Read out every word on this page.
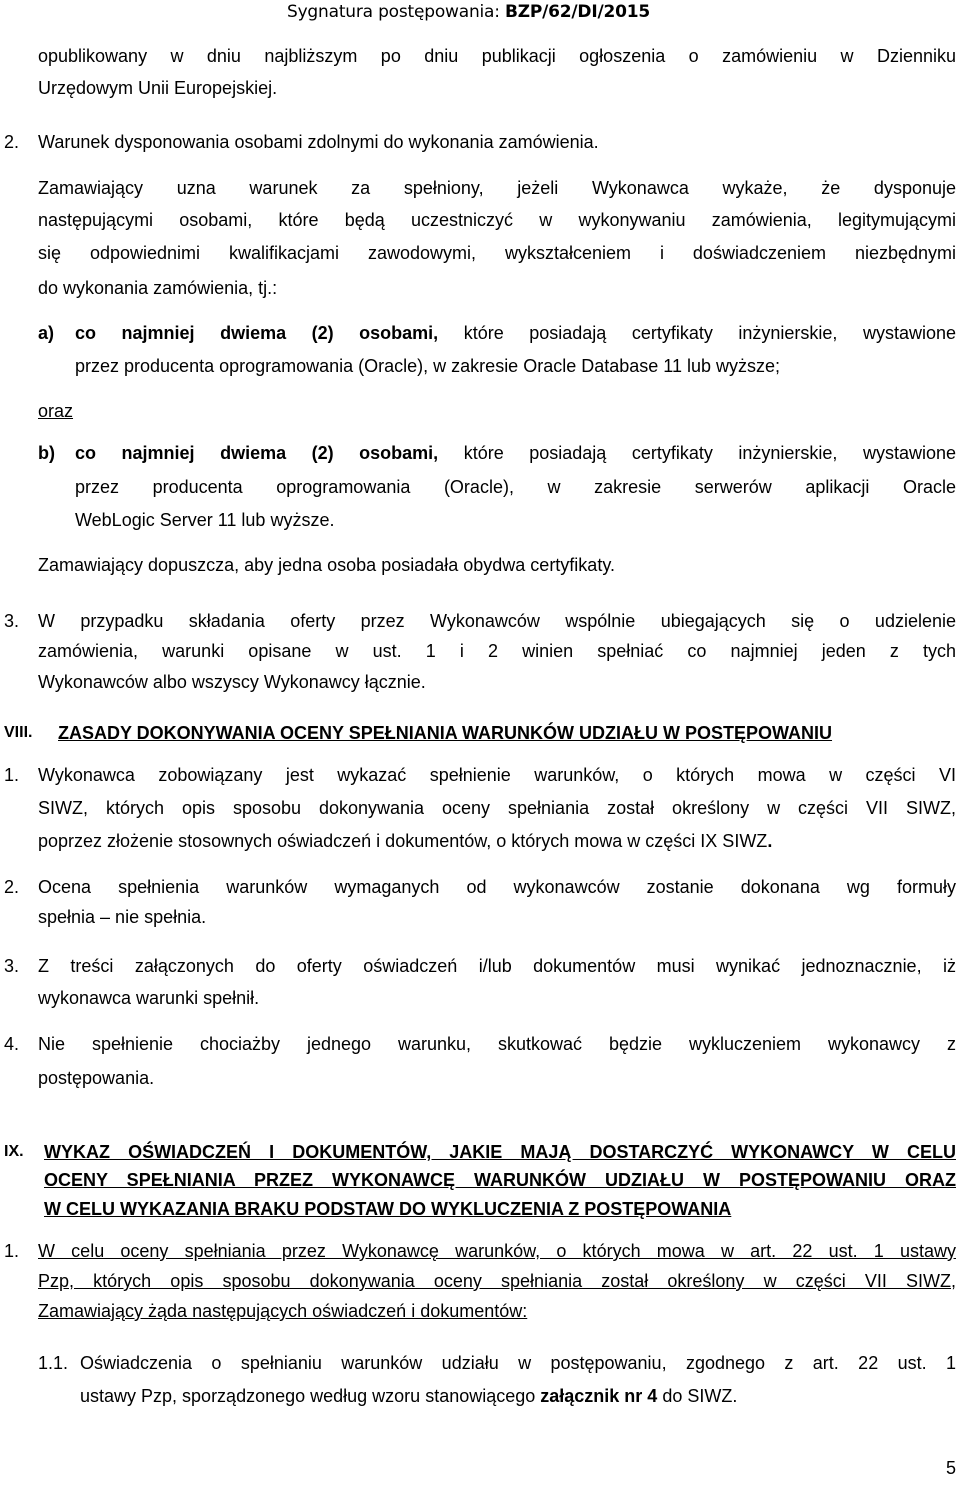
Sygnatura postępowania: BZP/62/DI/2015
opublikowany w dniu najbliższym po dniu publikacji ogłoszenia o zamówieniu w Dzienniku
Urzędowym Unii Europejskiej.
2. Warunek dysponowania osobami zdolnymi do wykonania zamówienia.
Zamawiający uzna warunek za spełniony, jeżeli Wykonawca wykaże, że dysponuje
następującymi osobami, które będą uczestniczyć w wykonywaniu zamówienia, legitymującymi
się odpowiednimi kwalifikacjami zawodowymi, wykształceniem i doświadczeniem niezbędnymi
do wykonania zamówienia, tj.:
a) co najmniej dwiema (2) osobami, które posiadają certyfikaty inżynierskie, wystawione
przez producenta oprogramowania (Oracle), w zakresie Oracle Database 11 lub wyższe;
oraz
b) co najmniej dwiema (2) osobami, które posiadają certyfikaty inżynierskie, wystawione
przez producenta oprogramowania (Oracle), w zakresie serwerów aplikacji Oracle
WebLogic Server 11 lub wyższe.
Zamawiający dopuszcza, aby jedna osoba posiadała obydwa certyfikaty.
3. W przypadku składania oferty przez Wykonawców wspólnie ubiegających się o udzielenie
zamówienia, warunki opisane w ust. 1 i 2 winien spełniać co najmniej jeden z tych
Wykonawców albo wszyscy Wykonawcy łącznie.
VIII. ZASADY DOKONYWANIA OCENY SPEŁNIANIA WARUNKÓW UDZIAŁU W POSTĘPOWANIU
1. Wykonawca zobowiązany jest wykazać spełnienie warunków, o których mowa w części VI
SIWZ, których opis sposobu dokonywania oceny spełniania został określony w części VII SIWZ,
poprzez złożenie stosownych oświadczeń i dokumentów, o których mowa w części IX SIWZ.
2. Ocena spełnienia warunków wymaganych od wykonawców zostanie dokonana wg formuły
spełnia – nie spełnia.
3. Z treści załączonych do oferty oświadczeń i/lub dokumentów musi wynikać jednoznacznie, iż
wykonawca warunki spełnił.
4. Nie spełnienie chociażby jednego warunku, skutkować będzie wykluczeniem wykonawcy z
postępowania.
IX. WYKAZ OŚWIADCZEŃ I DOKUMENTÓW, JAKIE MAJĄ DOSTARCZYĆ WYKONAWCY W CELU
OCENY SPEŁNIANIA PRZEZ WYKONAWCĘ WARUNKÓW UDZIAŁU W POSTĘPOWANIU ORAZ
W CELU WYKAZANIA BRAKU PODSTAW DO WYKLUCZENIA Z POSTĘPOWANIA
1. W celu oceny spełniania przez Wykonawcę warunków, o których mowa w art. 22 ust. 1 ustawy
Pzp, których opis sposobu dokonywania oceny spełniania został określony w części VII SIWZ,
Zamawiający żąda następujących oświadczeń i dokumentów:
1.1. Oświadczenia o spełnianiu warunków udziału w postępowaniu, zgodnego z art. 22 ust. 1
ustawy Pzp, sporządzonego według wzoru stanowiącego załącznik nr 4 do SIWZ.
5
